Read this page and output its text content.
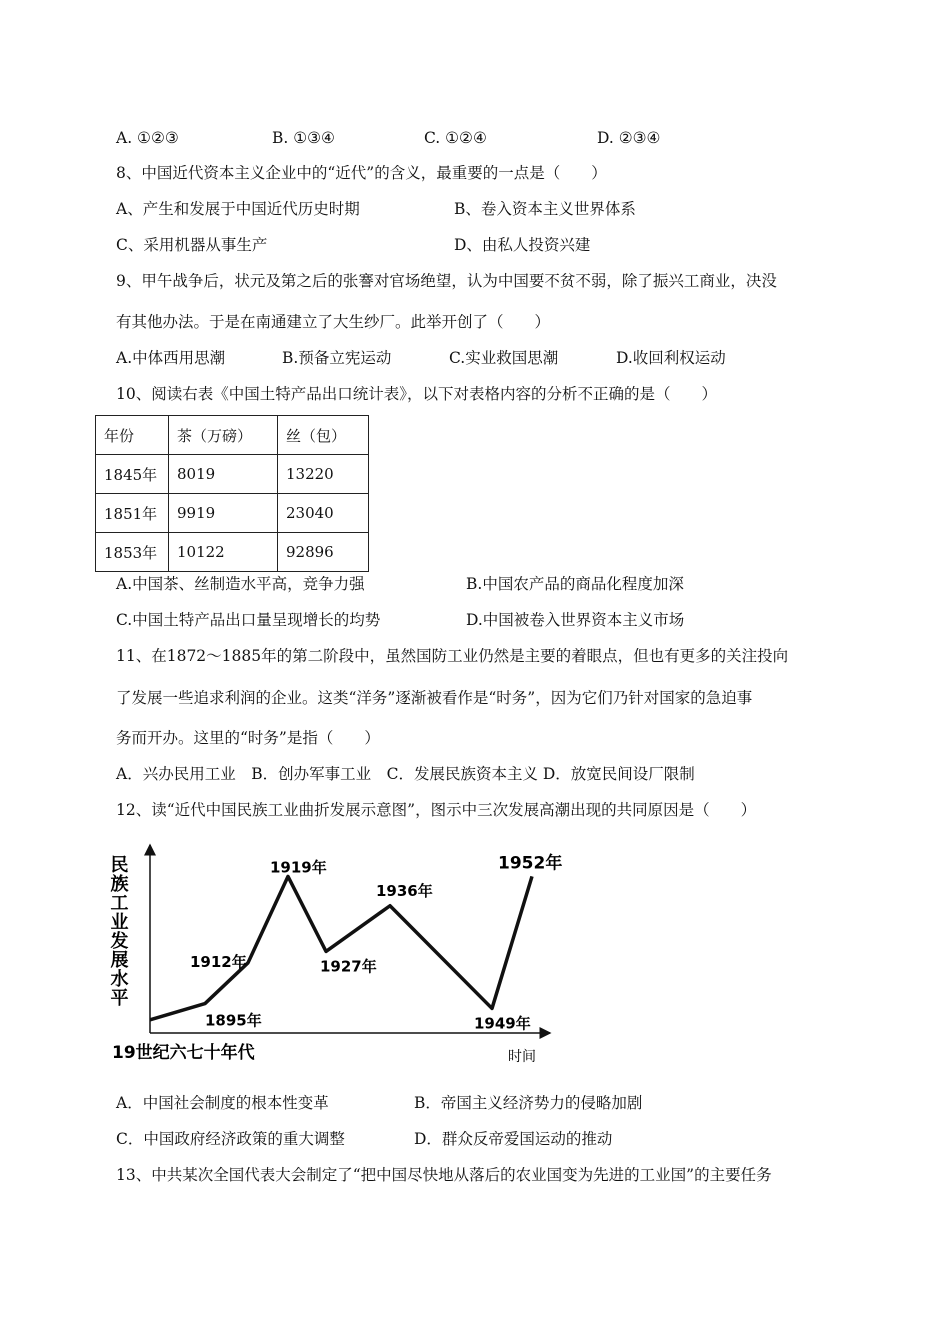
A. ①②③	B. ①③④	C. ①②④	D. ②③④
8、中国近代资本主义企业中的“近代”的含义，最重要的一点是（　　）
A、产生和发展于中国近代历史时期	B、卷入资本主义世界体系
C、采用机器从事生产	D、由私人投资兴建
9、甲午战争后，状元及第之后的张謇对官场绝望，认为中国要不贫不弱，除了振兴工商业，决没
有其他办法。于是在南通建立了大生纱厂。此举开创了（　　）
A.中体西用思潮	B.预备立宪运动	C.实业救国思潮	D.收回利权运动
10、阅读右表《中国土特产品出口统计表》，以下对表格内容的分析不正确的是（　　）
年份	茶（万磅）	丝（包）
1845年	8019	13220
1851年	9919	23040
1853年	10122	92896
A.中国茶、丝制造水平高，竞争力强	B.中国农产品的商品化程度加深
C.中国土特产品出口量呈现增长的均势	D.中国被卷入世界资本主义市场
11、在1872～1885年的第二阶段中，虽然国防工业仍然是主要的着眼点，但也有更多的关注投向
了发展一些追求利润的企业。这类“洋务”逐渐被看作是“时务”，因为它们乃针对国家的急迫事
务而开办。这里的“时务”是指（　　）
A．兴办民用工业　B．创办军事工业　C．发展民族资本主义 D．放宽民间设厂限制
12、读“近代中国民族工业曲折发展示意图”，图示中三次发展高潮出现的共同原因是（　　）
民族工业发展水平
19世纪六七十年代	时间
1895年
1912年
1919年
1927年
1936年
1949年
1952年
A．中国社会制度的根本性变革	B．帝国主义经济势力的侵略加剧
C．中国政府经济政策的重大调整	D．群众反帝爱国运动的推动
13、中共某次全国代表大会制定了“把中国尽快地从落后的农业国变为先进的工业国”的主要任务
